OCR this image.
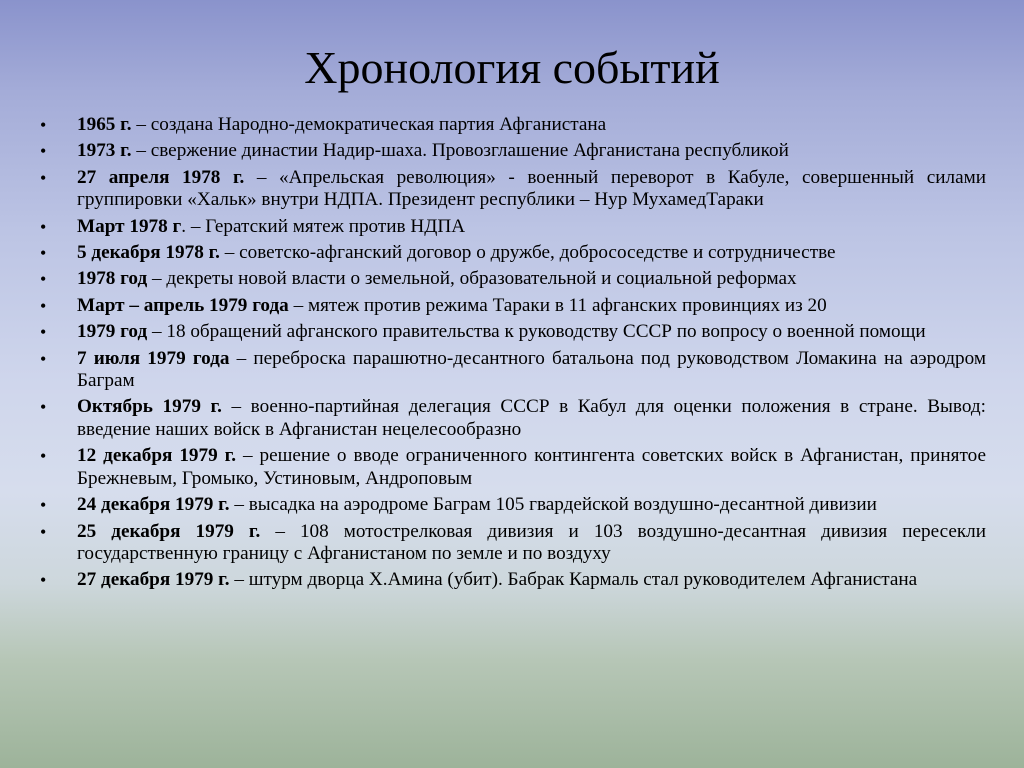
Хронология событий
• 1965 г. – создана Народно-демократическая партия Афганистана
• 1973 г. – свержение династии Надир-шаха. Провозглашение Афганистана республикой
• 27 апреля 1978 г. – «Апрельская революция» - военный переворот в Кабуле, совершенный силами группировки «Хальк» внутри НДПА. Президент республики – Нур МухамедТараки
• Март 1978 г. – Гератский мятеж против НДПА
• 5 декабря 1978 г. – советско-афганский договор о дружбе, добрососедстве и сотрудничестве
• 1978 год – декреты новой власти о земельной, образовательной и социальной реформах
• Март – апрель 1979 года – мятеж против режима Тараки в 11 афганских провинциях из 20
• 1979 год – 18 обращений афганского правительства к руководству СССР по вопросу о военной помощи
• 7 июля 1979 года – переброска парашютно-десантного батальона под руководством Ломакина на аэродром Баграм
• Октябрь 1979 г. – военно-партийная делегация СССР в Кабул для оценки положения в стране. Вывод: введение наших войск в Афганистан нецелесообразно
• 12 декабря 1979 г. – решение о вводе ограниченного контингента советских войск в Афганистан, принятое Брежневым, Громыко, Устиновым, Андроповым
• 24 декабря 1979 г. – высадка на аэродроме Баграм 105 гвардейской воздушно-десантной дивизии
• 25 декабря 1979 г. – 108 мотострелковая дивизия и 103 воздушно-десантная дивизия пересекли государственную границу с Афганистаном по земле и по воздуху
• 27 декабря 1979 г. – штурм дворца Х.Амина (убит). Бабрак Кармаль стал руководителем Афганистана
